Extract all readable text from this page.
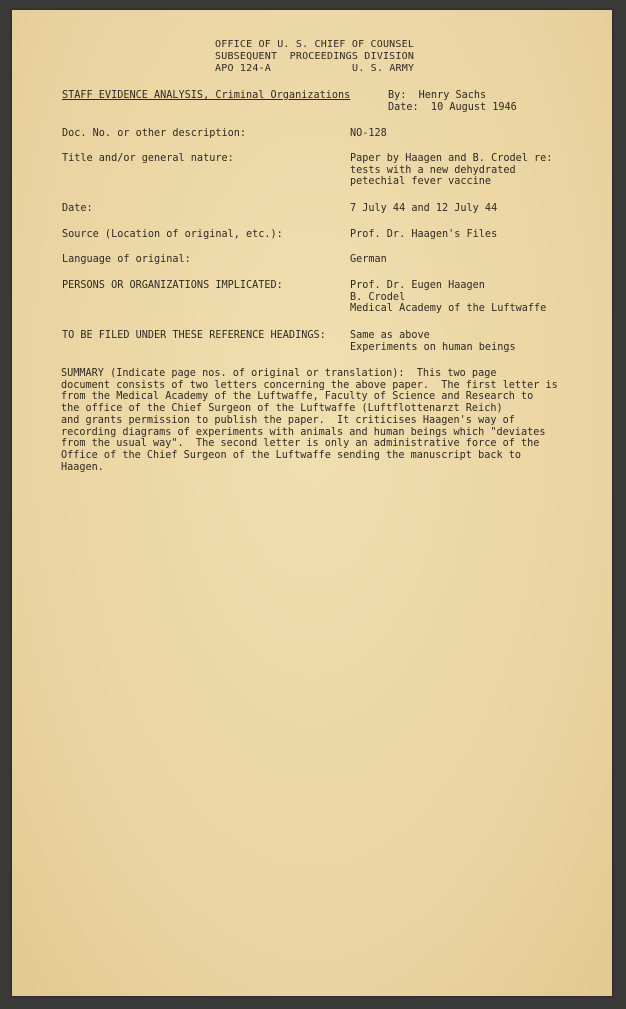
OFFICE OF U. S. CHIEF OF COUNSEL
SUBSEQUENT  PROCEEDINGS DIVISION
APO 124-A	U. S. ARMY
STAFF EVIDENCE ANALYSIS, Criminal Organizations	By:  Henry Sachs
Date:  10 August 1946
Doc. No. or other description:	NO-128
Title and/or general nature:	Paper by Haagen and B. Crodel re:
tests with a new dehydrated
petechial fever vaccine
Date:	7 July 44 and 12 July 44
Source (Location of original, etc.):	Prof. Dr. Haagen's Files
Language of original:	German
PERSONS OR ORGANIZATIONS IMPLICATED:	Prof. Dr. Eugen Haagen
B. Crodel
Medical Academy of the Luftwaffe
TO BE FILED UNDER THESE REFERENCE HEADINGS: Same as above
Experiments on human beings
SUMMARY (Indicate page nos. of original or translation):  This two page
document consists of two letters concerning the above paper.  The first letter is
from the Medical Academy of the Luftwaffe, Faculty of Science and Research to
the office of the Chief Surgeon of the Luftwaffe (Luftflottenarzt Reich)
and grants permission to publish the paper.  It criticises Haagen's way of
recording diagrams of experiments with animals and human beings which "deviates
from the usual way".  The second letter is only an administrative force of the
Office of the Chief Surgeon of the Luftwaffe sending the manuscript back to
Haagen.
